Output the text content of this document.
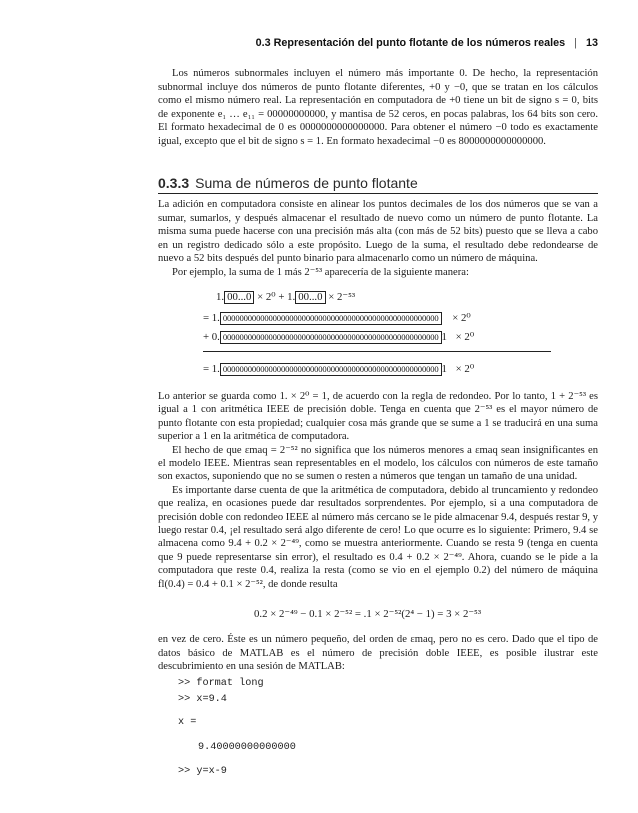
0.3 Representación del punto flotante de los números reales | 13

Los números subnormales incluyen el número más importante 0. De hecho, la representación subnormal incluye dos números de punto flotante diferentes, +0 y −0, que se tratan en los cálculos como el mismo número real. La representación en computadora de +0 tiene un bit de signo s = 0, bits de exponente e₁ … e₁₁ = 00000000000, y mantisa de 52 ceros, en pocas palabras, los 64 bits son cero. El formato hexadecimal de 0 es 0000000000000000. Para obtener el número −0 todo es exactamente igual, excepto que el bit de signo s = 1. En formato hexadecimal −0 es 8000000000000000.

0.3.3 Suma de números de punto flotante

La adición en computadora consiste en alinear los puntos decimales de los dos números que se van a sumar, sumarlos, y después almacenar el resultado de nuevo como un número de punto flotante. La misma suma puede hacerse con una precisión más alta (con más de 52 bits) puesto que se lleva a cabo en un registro dedicado sólo a este propósito. Luego de la suma, el resultado debe redondearse de nuevo a 52 bits después del punto binario para almacenarlo como un número de máquina.

Por ejemplo, la suma de 1 más 2⁻⁵³ aparecería de la siguiente manera:

1. 00...0 × 2⁰ + 1. 00...0 × 2⁻⁵³
= 1. 0000000000000000000000000000000000000000000000000000 × 2⁰
+ 0. 0000000000000000000000000000000000000000000000000000 1 × 2⁰
= 1. 0000000000000000000000000000000000000000000000000000 1 × 2⁰

Lo anterior se guarda como 1. × 2⁰ = 1, de acuerdo con la regla de redondeo. Por lo tanto, 1 + 2⁻⁵³ es igual a 1 con aritmética IEEE de precisión doble. Tenga en cuenta que 2⁻⁵³ es el mayor número de punto flotante con esta propiedad; cualquier cosa más grande que se sume a 1 se traducirá en una suma superior a 1 en la aritmética de computadora.

El hecho de que εmaq = 2⁻⁵² no significa que los números menores a εmaq sean insignificantes en el modelo IEEE. Mientras sean representables en el modelo, los cálculos con números de este tamaño son exactos, suponiendo que no se sumen o resten a números que tengan un tamaño de una unidad.

Es importante darse cuenta de que la aritmética de computadora, debido al truncamiento y redondeo que realiza, en ocasiones puede dar resultados sorprendentes. Por ejemplo, si a una computadora de precisión doble con redondeo IEEE al número más cercano se le pide almacenar 9.4, después restar 9, y luego restar 0.4, ¡el resultado será algo diferente de cero! Lo que ocurre es lo siguiente: Primero, 9.4 se almacena como 9.4 + 0.2 × 2⁻⁴⁹, como se muestra anteriormente. Cuando se resta 9 (tenga en cuenta que 9 puede representarse sin error), el resultado es 0.4 + 0.2 × 2⁻⁴⁹. Ahora, cuando se le pide a la computadora que reste 0.4, realiza la resta (como se vio en el ejemplo 0.2) del número de máquina fl(0.4) = 0.4 + 0.1 × 2⁻⁵², de donde resulta

0.2 × 2⁻⁴⁹ − 0.1 × 2⁻⁵² = .1 × 2⁻⁵²(2⁴ − 1) = 3 × 2⁻⁵³

en vez de cero. Éste es un número pequeño, del orden de εmaq, pero no es cero. Dado que el tipo de datos básico de MATLAB es el número de precisión doble IEEE, es posible ilustrar este descubrimiento en una sesión de MATLAB:

>> format long
>> x=9.4
x =
9.40000000000000
>> y=x-9
